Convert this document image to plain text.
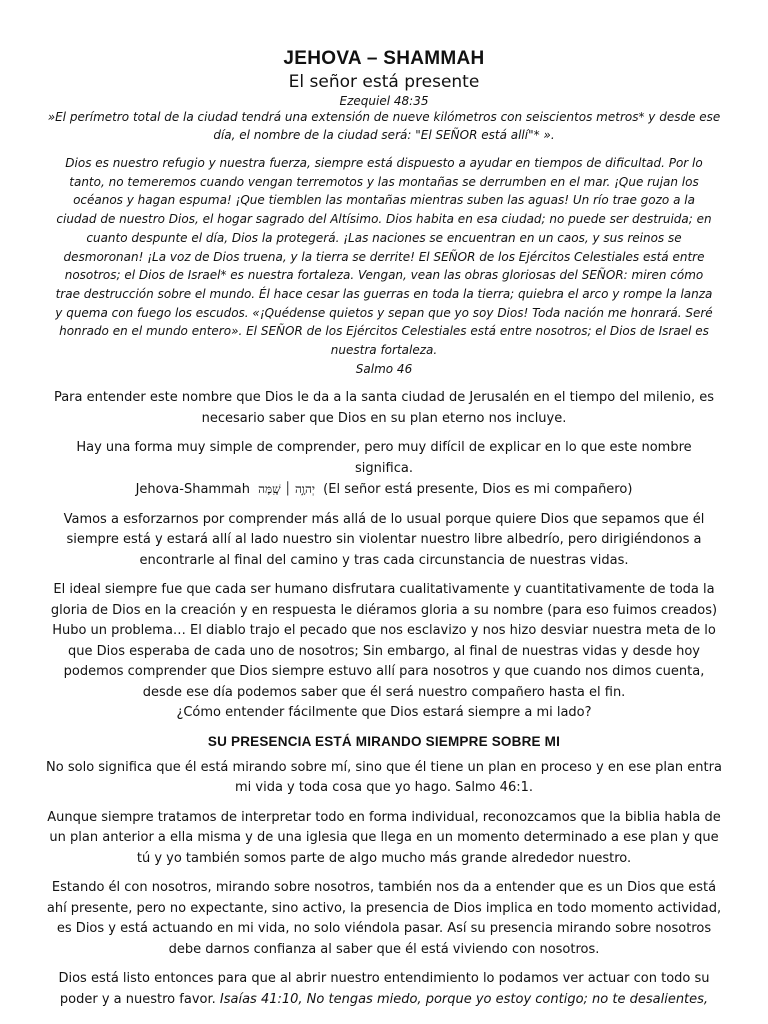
JEHOVA – SHAMMAH
El señor está presente
Ezequiel 48:35
»El perímetro total de la ciudad tendrá una extensión de nueve kilómetros con seiscientos metros* y desde ese día, el nombre de la ciudad será: "El SEÑOR está allí"* ».
Dios es nuestro refugio y nuestra fuerza, siempre está dispuesto a ayudar en tiempos de dificultad. Por lo tanto, no temeremos cuando vengan terremotos y las montañas se derrumben en el mar. ¡Que rujan los océanos y hagan espuma! ¡Que tiemblen las montañas mientras suben las aguas! Un río trae gozo a la ciudad de nuestro Dios, el hogar sagrado del Altísimo. Dios habita en esa ciudad; no puede ser destruida; en cuanto despunte el día, Dios la protegerá. ¡Las naciones se encuentran en un caos, y sus reinos se desmoronan! ¡La voz de Dios truena, y la tierra se derrite! El SEÑOR de los Ejércitos Celestiales está entre nosotros; el Dios de Israel* es nuestra fortaleza. Vengan, vean las obras gloriosas del SEÑOR: miren cómo trae destrucción sobre el mundo. Él hace cesar las guerras en toda la tierra; quiebra el arco y rompe la lanza y quema con fuego los escudos. «¡Quédense quietos y sepan que yo soy Dios! Toda nación me honrará. Seré honrado en el mundo entero». El SEÑOR de los Ejércitos Celestiales está entre nosotros; el Dios de Israel es nuestra fortaleza.
Salmo 46

Para entender este nombre que Dios le da a la santa ciudad de Jerusalén en el tiempo del milenio, es necesario saber que Dios en su plan eterno nos incluye.

Hay una forma muy simple de comprender, pero muy difícil de explicar en lo que este nombre significa.
Jehova-Shammah יְהוָ֣ה ׀ שָֽׁמָּה (El señor está presente, Dios es mi compañero)

Vamos a esforzarnos por comprender más allá de lo usual porque quiere Dios que sepamos que él siempre está y estará allí al lado nuestro sin violentar nuestro libre albedrío, pero dirigiéndonos a encontrarle al final del camino y tras cada circunstancia de nuestras vidas.

El ideal siempre fue que cada ser humano disfrutara cualitativamente y cuantitativamente de toda la gloria de Dios en la creación y en respuesta le diéramos gloria a su nombre (para eso fuimos creados) Hubo un problema… El diablo trajo el pecado que nos esclavizo y nos hizo desviar nuestra meta de lo que Dios esperaba de cada uno de nosotros; Sin embargo, al final de nuestras vidas y desde hoy podemos comprender que Dios siempre estuvo allí para nosotros y que cuando nos dimos cuenta, desde ese día podemos saber que él será nuestro compañero hasta el fin.
¿Cómo entender fácilmente que Dios estará siempre a mi lado?

SU PRESENCIA ESTÁ MIRANDO SIEMPRE SOBRE MI

No solo significa que él está mirando sobre mí, sino que él tiene un plan en proceso y en ese plan entra mi vida y toda cosa que yo hago. Salmo 46:1.

Aunque siempre tratamos de interpretar todo en forma individual, reconozcamos que la biblia habla de un plan anterior a ella misma y de una iglesia que llega en un momento determinado a ese plan y que tú y yo también somos parte de algo mucho más grande alrededor nuestro.

Estando él con nosotros, mirando sobre nosotros, también nos da a entender que es un Dios que está ahí presente, pero no expectante, sino activo, la presencia de Dios implica en todo momento actividad, es Dios y está actuando en mi vida, no solo viéndola pasar. Así su presencia mirando sobre nosotros debe darnos confianza al saber que él está viviendo con nosotros.

Dios está listo entonces para que al abrir nuestro entendimiento lo podamos ver actuar con todo su poder y a nuestro favor. Isaías 41:10, No tengas miedo, porque yo estoy contigo; no te desalientes,
